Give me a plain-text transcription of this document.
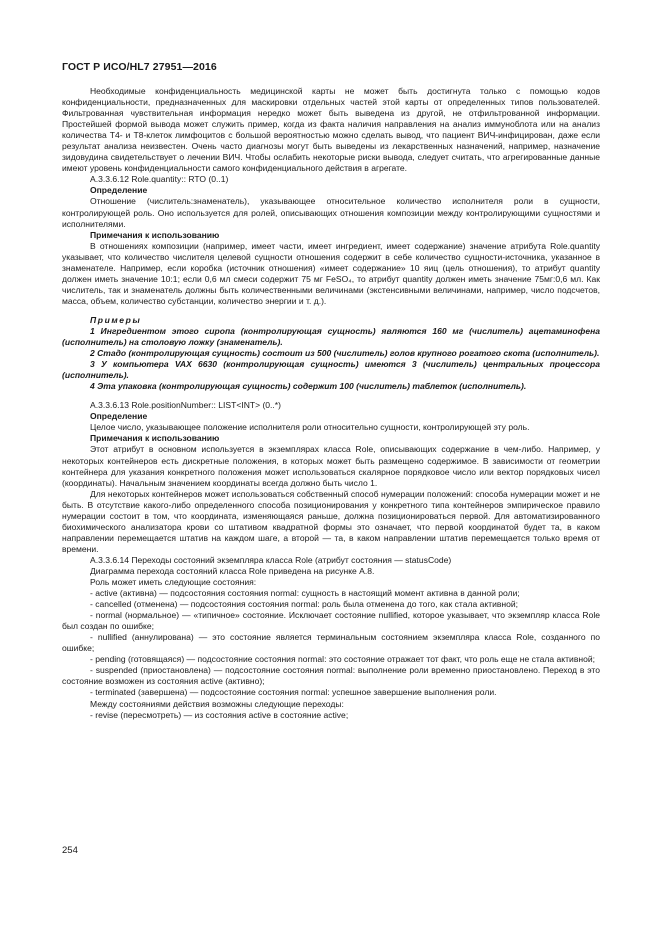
ГОСТ Р ИСО/HL7 27951—2016

Необходимые конфиденциальность медицинской карты не может быть достигнута только с помощью кодов конфиденциальности, предназначенных для маскировки отдельных частей этой карты от определенных типов пользователей. Фильтрованная чувствительная информация нередко может быть выведена из другой, не отфильтрованной информации. Простейшей формой вывода может служить пример, когда из факта наличия направления на анализ иммуноблота или на анализ количества Т4- и Т8-клеток лимфоцитов с большой вероятностью можно сделать вывод, что пациент ВИЧ-инфицирован, даже если результат анализа неизвестен. Очень часто диагнозы могут быть выведены из лекарственных назначений, например, назначение зидовудина свидетельствует о лечении ВИЧ. Чтобы ослабить некоторые риски вывода, следует считать, что агрегированные данные имеют уровень конфиденциальности самого конфиденциального действия в агрегате.

A.3.3.6.12 Role.quantity:: RTO (0..1)

Определение

Отношение (числитель:знаменатель), указывающее относительное количество исполнителя роли в сущности, контролирующей роль. Оно используется для ролей, описывающих отношения композиции между контролирующими сущностями и исполнителями.

Примечания к использованию

В отношениях композиции (например, имеет части, имеет ингредиент, имеет содержание) значение атрибута Role.quantity указывает, что количество числителя целевой сущности отношения содержит в себе количество сущности-источника, указанное в знаменателе. Например, если коробка (источник отношения) «имеет содержание» 10 яиц (цель отношения), то атрибут quantity должен иметь значение 10:1; если 0,6 мл смеси содержит 75 мг FeSO₄, то атрибут quantity должен иметь значение 75мг:0,6 мл. Как числитель, так и знаменатель должны быть количественными величинами (экстенсивными величинами, например, число подсчетов, масса, объем, количество субстанции, количество энергии и т. д.).

Примеры

1 Ингредиентом этого сиропа (контролирующая сущность) являются 160 мг (числитель) ацетаминофена (исполнитель) на столовую ложку (знаменатель).

2 Стадо (контролирующая сущность) состоит из 500 (числитель) голов крупного рогатого скота (исполнитель).

3 У компьютера VAX 6630 (контролирующая сущность) имеются 3 (числитель) центральных процессора (исполнитель).

4 Эта упаковка (контролирующая сущность) содержит 100 (числитель) таблеток (исполнитель).

A.3.3.6.13 Role.positionNumber:: LIST<INT> (0..*)

Определение

Целое число, указывающее положение исполнителя роли относительно сущности, контролирующей эту роль.

Примечания к использованию

Этот атрибут в основном используется в экземплярах класса Role, описывающих содержание в чем-либо. Например, у некоторых контейнеров есть дискретные положения, в которых может быть размещено содержимое. В зависимости от геометрии контейнера для указания конкретного положения может использоваться скалярное порядковое число или вектор порядковых чисел (координаты). Начальным значением координаты всегда должно быть число 1.

Для некоторых контейнеров может использоваться собственный способ нумерации положений: способа нумерации может и не быть. В отсутствие какого-либо определенного способа позиционирования у конкретного типа контейнеров эмпирическое правило нумерации состоит в том, что координата, изменяющаяся раньше, должна позиционироваться первой. Для автоматизированного биохимического анализатора крови со штативом квадратной формы это означает, что первой координатой будет та, в каком направлении перемещается штатив на каждом шаге, а второй — та, в каком направлении штатив перемещается только время от времени.

A.3.3.6.14 Переходы состояний экземпляра класса Role (атрибут состояния — statusCode)

Диаграмма перехода состояний класса Role приведена на рисунке А.8.

Роль может иметь следующие состояния:

- active (активна) — подсостояния состояния normal: сущность в настоящий момент активна в данной роли;

- cancelled (отменена) — подсостояния состояния normal: роль была отменена до того, как стала активной;

- normal (нормальное) — «типичное» состояние. Исключает состояние nullified, которое указывает, что экземпляр класса Role был создан по ошибке;

- nullified (аннулирована) — это состояние является терминальным состоянием экземпляра класса Role, созданного по ошибке;

- pending (готовящаяся) — подсостояние состояния normal: это состояние отражает тот факт, что роль еще не стала активной;

- suspended (приостановлена) — подсостояние состояния normal: выполнение роли временно приостановлено. Переход в это состояние возможен из состояния active (активно);

- terminated (завершена) — подсостояние состояния normal: успешное завершение выполнения роли.

Между состояниями действия возможны следующие переходы:

- revise (пересмотреть) — из состояния active в состояние active;

254
